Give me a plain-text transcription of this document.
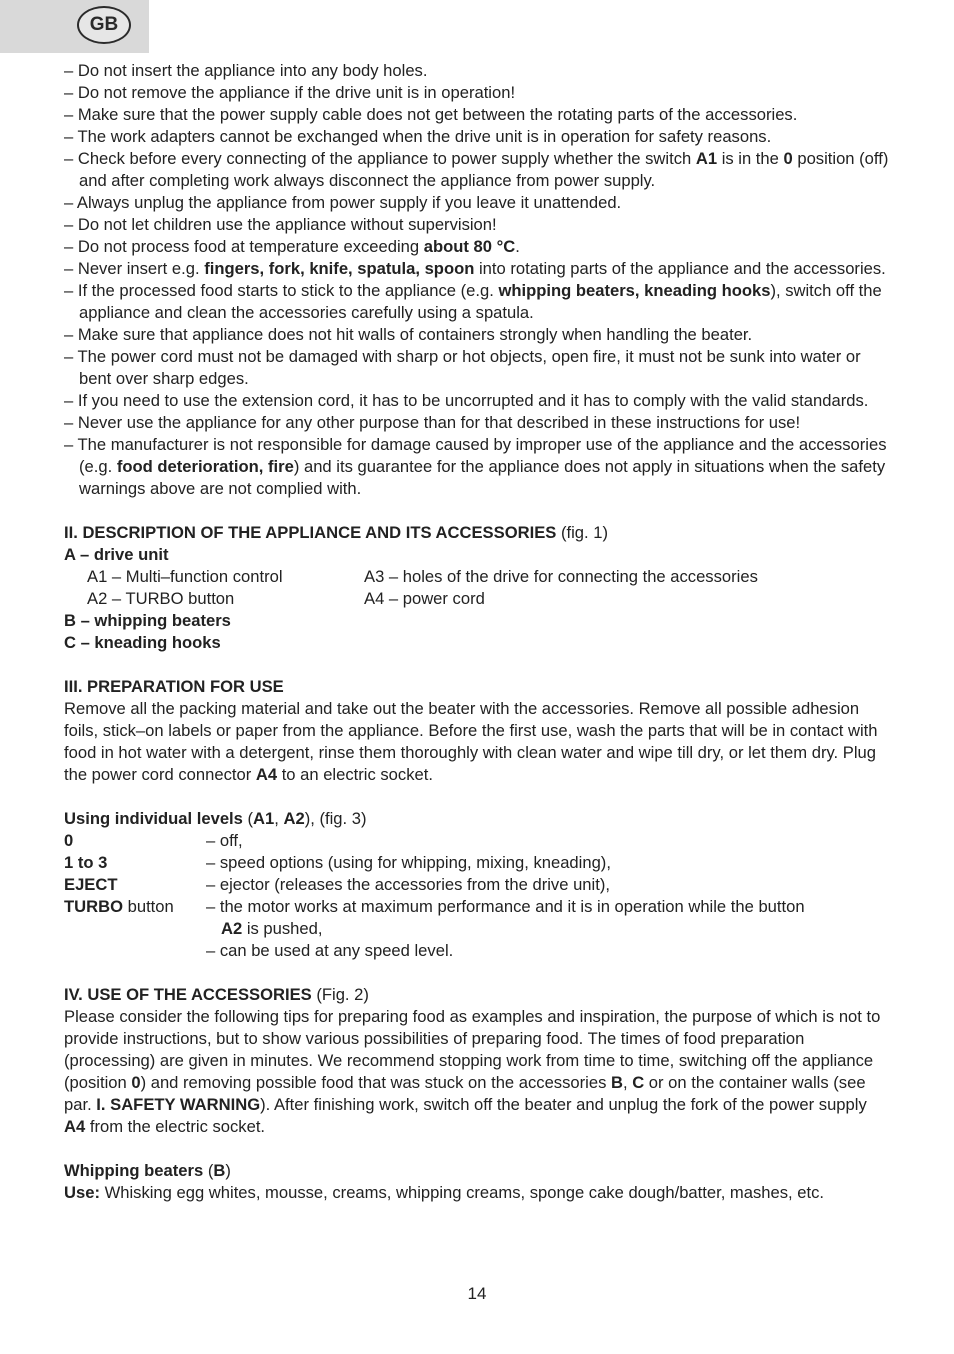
GB
– Do not insert the appliance into any body holes.
– Do not remove the appliance if the drive unit is in operation!
– Make sure that the power supply cable does not get between the rotating parts of the accessories.
– The work adapters cannot be exchanged when the drive unit is in operation for safety reasons.
– Check before every connecting of the appliance to power supply whether the switch A1 is in the 0 position (off) and after completing work always disconnect the appliance from power supply.
– Always unplug the appliance from power supply if you leave it unattended.
– Do not let children use the appliance without supervision!
– Do not process food at temperature exceeding about 80 °C.
– Never insert e.g. fingers, fork, knife, spatula, spoon into rotating parts of the appliance and the accessories.
– If the processed food starts to stick to the appliance (e.g. whipping beaters, kneading hooks), switch off the appliance and clean the accessories carefully using a spatula.
– Make sure that appliance does not hit walls of containers strongly when handling the beater.
– The power cord must not be damaged with sharp or hot objects, open fire, it must not be sunk into water or bent over sharp edges.
– If you need to use the extension cord, it has to be uncorrupted and it has to comply with the valid standards.
– Never use the appliance for any other purpose than for that described in these instructions for use!
– The manufacturer is not responsible for damage caused by improper use of the appliance and the accessories (e.g. food deterioration, fire) and its guarantee for the appliance does not apply in situations when the safety warnings above are not complied with.
II. DESCRIPTION OF THE APPLIANCE AND ITS ACCESSORIES (fig. 1)
A – drive unit
A1 – Multi–function control	A3 – holes of the drive for connecting the accessories
A2 – TURBO button	A4 – power cord
B – whipping beaters
C – kneading hooks
III. PREPARATION FOR USE
Remove all the packing material and take out the beater with the accessories. Remove all possible adhesion foils, stick–on labels or paper from the appliance. Before the first use, wash the parts that will be in contact with food in hot water with a detergent, rinse them thoroughly with clean water and wipe till dry, or let them dry. Plug the power cord connector A4 to an electric socket.
Using individual levels (A1, A2), (fig. 3)
0	– off,
1 to 3	– speed options (using for whipping, mixing, kneading),
EJECT	– ejector (releases the accessories from the drive unit),
TURBO button	– the motor works at maximum performance and it is in operation while the button
A2 is pushed,
– can be used at any speed level.
IV. USE OF THE ACCESSORIES (Fig. 2)
Please consider the following tips for preparing food as examples and inspiration, the purpose of which is not to provide instructions, but to show various possibilities of preparing food. The times of food preparation (processing) are given in minutes. We recommend stopping work from time to time, switching off the appliance (position 0) and removing possible food that was stuck on the accessories B, C or on the container walls (see par. I. SAFETY WARNING). After finishing work, switch off the beater and unplug the fork of the power supply A4 from the electric socket.
Whipping beaters (B)
Use: Whisking egg whites, mousse, creams, whipping creams, sponge cake dough/batter, mashes, etc.
14
